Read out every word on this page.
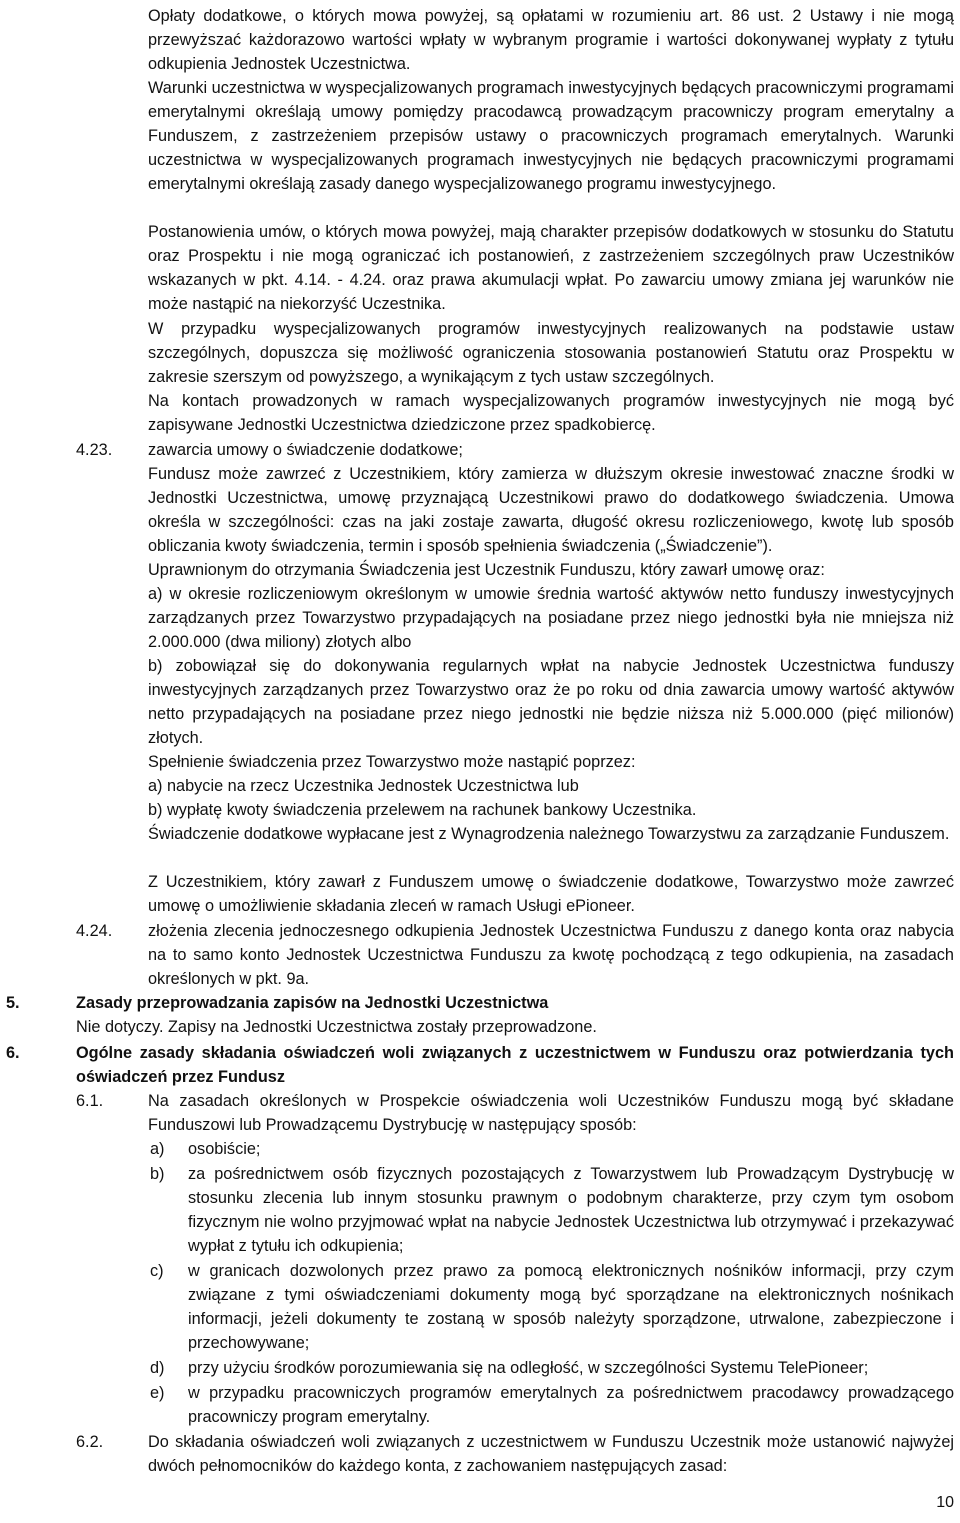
Opłaty dodatkowe, o których mowa powyżej, są opłatami w rozumieniu art. 86 ust. 2 Ustawy i nie mogą przewyższać każdorazowo wartości wpłaty w wybranym programie i wartości dokonywanej wypłaty z tytułu odkupienia Jednostek Uczestnictwa.
Warunki uczestnictwa w wyspecjalizowanych programach inwestycyjnych będących pracowniczymi programami emerytalnymi określają umowy pomiędzy pracodawcą prowadzącym pracowniczy program emerytalny a Funduszem, z zastrzeżeniem przepisów ustawy o pracowniczych programach emerytalnych. Warunki uczestnictwa w wyspecjalizowanych programach inwestycyjnych nie będących pracowniczymi programami emerytalnymi określają zasady danego wyspecjalizowanego programu inwestycyjnego.
Postanowienia umów, o których mowa powyżej, mają charakter przepisów dodatkowych w stosunku do Statutu oraz Prospektu i nie mogą ograniczać ich postanowień, z zastrzeżeniem szczególnych praw Uczestników wskazanych w pkt. 4.14. - 4.24. oraz prawa akumulacji wpłat. Po zawarciu umowy zmiana jej warunków nie może nastąpić na niekorzyść Uczestnika.
W przypadku wyspecjalizowanych programów inwestycyjnych realizowanych na podstawie ustaw szczególnych, dopuszcza się możliwość ograniczenia stosowania postanowień Statutu oraz Prospektu w zakresie szerszym od powyższego, a wynikającym z tych ustaw szczególnych.
Na kontach prowadzonych w ramach wyspecjalizowanych programów inwestycyjnych nie mogą być zapisywane Jednostki Uczestnictwa dziedziczone przez spadkobiercę.
4.23. zawarcia umowy o świadczenie dodatkowe;
Fundusz może zawrzeć z Uczestnikiem, który zamierza w dłuższym okresie inwestować znaczne środki w Jednostki Uczestnictwa, umowę przyznającą Uczestnikowi prawo do dodatkowego świadczenia. Umowa określa w szczególności: czas na jaki zostaje zawarta, długość okresu rozliczeniowego, kwotę lub sposób obliczania kwoty świadczenia, termin i sposób spełnienia świadczenia („Świadczenie”).
Uprawnionym do otrzymania Świadczenia jest Uczestnik Funduszu, który zawarł umowę oraz:
a) w okresie rozliczeniowym określonym w umowie średnia wartość aktywów netto funduszy inwestycyjnych zarządzanych przez Towarzystwo przypadających na posiadane przez niego jednostki była nie mniejsza niż 2.000.000 (dwa miliony) złotych albo
b) zobowiązał się do dokonywania regularnych wpłat na nabycie Jednostek Uczestnictwa funduszy inwestycyjnych zarządzanych przez Towarzystwo oraz że po roku od dnia zawarcia umowy wartość aktywów netto przypadających na posiadane przez niego jednostki nie będzie niższa niż 5.000.000 (pięć milionów) złotych.
Spełnienie świadczenia przez Towarzystwo może nastąpić poprzez:
a) nabycie na rzecz Uczestnika Jednostek Uczestnictwa lub
b) wypłatę kwoty świadczenia przelewem na rachunek bankowy Uczestnika.
Świadczenie dodatkowe wypłacane jest z Wynagrodzenia należnego Towarzystwu za zarządzanie Funduszem.
Z Uczestnikiem, który zawarł z Funduszem umowę o świadczenie dodatkowe, Towarzystwo może zawrzeć umowę o umożliwienie składania zleceń w ramach Usługi ePioneer.
4.24. złożenia zlecenia jednoczesnego odkupienia Jednostek Uczestnictwa Funduszu z danego konta oraz nabycia na to samo konto Jednostek Uczestnictwa Funduszu za kwotę pochodzącą z tego odkupienia, na zasadach określonych w pkt. 9a.
5.	Zasady przeprowadzania zapisów na Jednostki Uczestnictwa
Nie dotyczy. Zapisy na Jednostki Uczestnictwa zostały przeprowadzone.
6.	Ogólne zasady składania oświadczeń woli związanych z uczestnictwem w Funduszu oraz potwierdzania tych oświadczeń przez Fundusz
6.1.	Na zasadach określonych w Prospekcie oświadczenia woli Uczestników Funduszu mogą być składane Funduszowi lub Prowadzącemu Dystrybucję w następujący sposób:
a) osobiście;
b) za pośrednictwem osób fizycznych pozostających z Towarzystwem lub Prowadzącym Dystrybucję w stosunku zlecenia lub innym stosunku prawnym o podobnym charakterze, przy czym tym osobom fizycznym nie wolno przyjmować wpłat na nabycie Jednostek Uczestnictwa lub otrzymywać i przekazywać wypłat z tytułu ich odkupienia;
c) w granicach dozwolonych przez prawo za pomocą elektronicznych nośników informacji, przy czym związane z tymi oświadczeniami dokumenty mogą być sporządzane na elektronicznych nośnikach informacji, jeżeli dokumenty te zostaną w sposób należyty sporządzone, utrwalone, zabezpieczone i przechowywane;
d) przy użyciu środków porozumiewania się na odległość, w szczególności Systemu TelePioneer;
e) w przypadku pracowniczych programów emerytalnych za pośrednictwem pracodawcy prowadzącego pracowniczy program emerytalny.
6.2.	Do składania oświadczeń woli związanych z uczestnictwem w Funduszu Uczestnik może ustanowić najwyżej dwóch pełnomocników do każdego konta, z zachowaniem następujących zasad:
10
